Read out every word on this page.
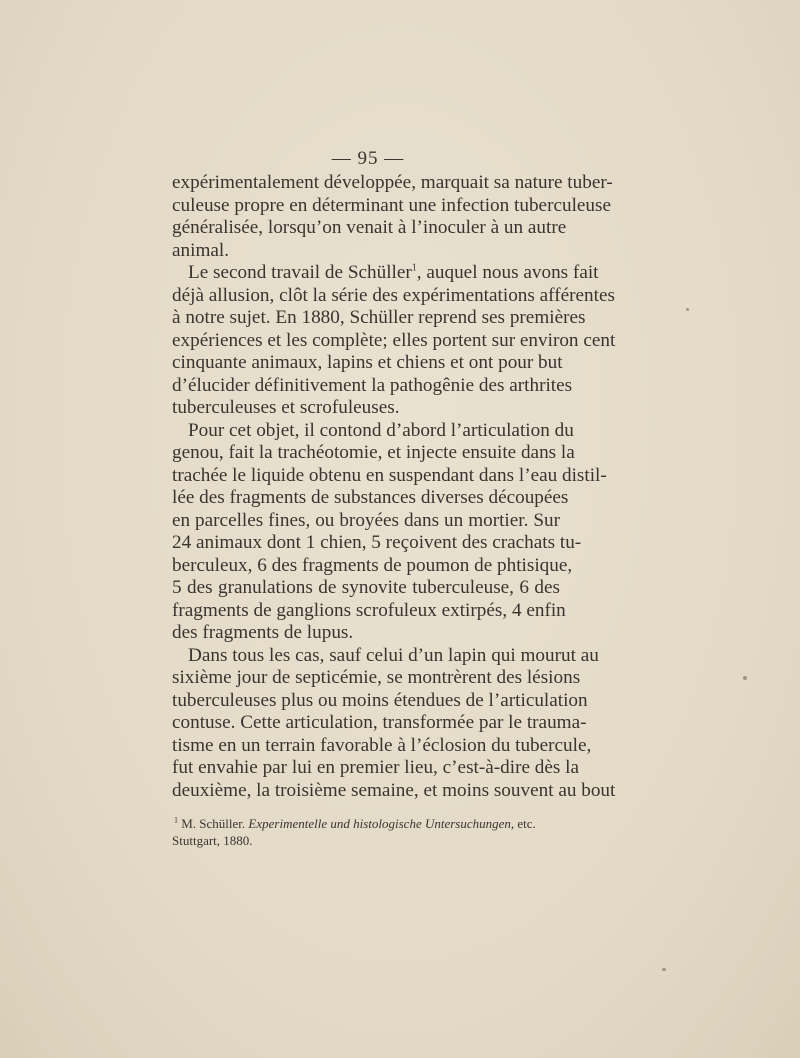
— 95 —
expérimentalement développée, marquait sa nature tuber-
culeuse propre en déterminant une infection tuberculeuse
généralisée, lorsqu’on venait à l’inoculer à un autre
animal.
Le second travail de Schüller$^1$, auquel nous avons fait
déjà allusion, clôt la série des expérimentations afférentes
à notre sujet. En 1880, Schüller reprend ses premières
expériences et les complète; elles portent sur environ cent
cinquante animaux, lapins et chiens et ont pour but
d’élucider définitivement la pathogênie des arthrites
tuberculeuses et scrofuleuses.
Pour cet objet, il contond d’abord l’articulation du
genou, fait la trachéotomie, et injecte ensuite dans la
trachée le liquide obtenu en suspendant dans l’eau distil-
lée des fragments de substances diverses découpées
en parcelles fines, ou broyées dans un mortier. Sur
24 animaux dont 1 chien, 5 reçoivent des crachats tu-
berculeux, 6 des fragments de poumon de phtisique,
5 des granulations de synovite tuberculeuse, 6 des
fragments de ganglions scrofuleux extirpés, 4 enfin
des fragments de lupus.
Dans tous les cas, sauf celui d’un lapin qui mourut au
sixième jour de septicémie, se montrèrent des lésions
tuberculeuses plus ou moins étendues de l’articulation
contuse. Cette articulation, transformée par le trauma-
tisme en un terrain favorable à l’éclosion du tubercule,
fut envahie par lui en premier lieu, c’est-à-dire dès la
deuxième, la troisième semaine, et moins souvent au bout
$^1$ M. Schüller. Experimentelle und histologische Untersuchungen, etc.
Stuttgart, 1880.
